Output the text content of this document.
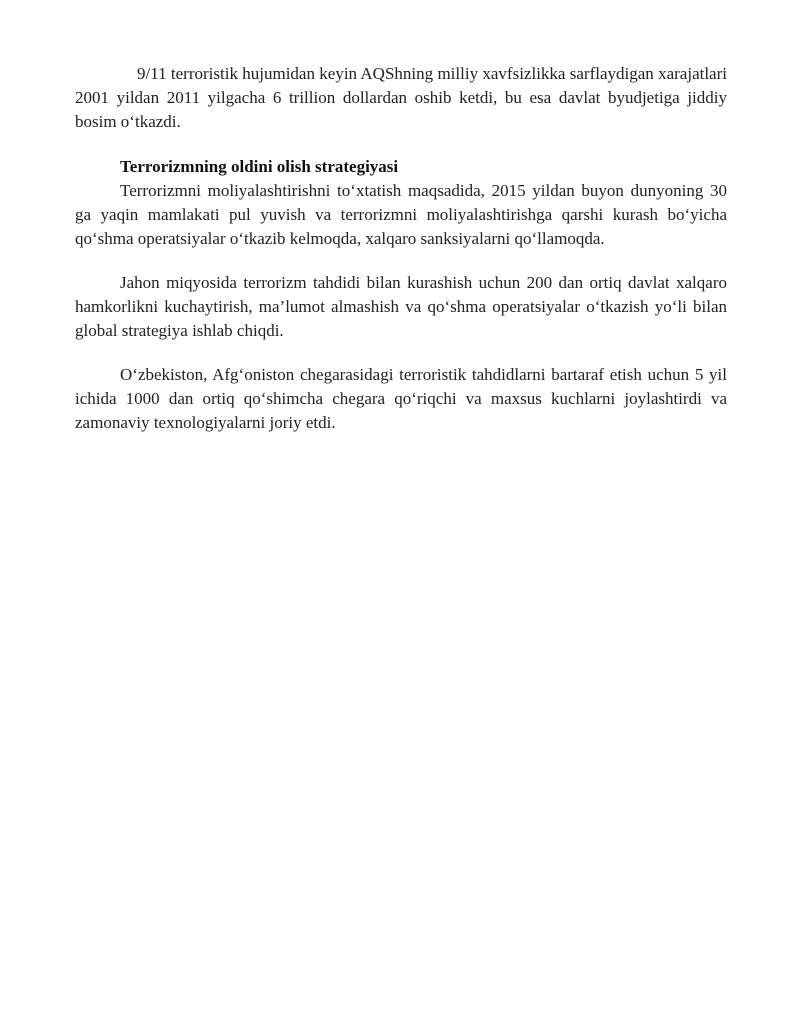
9/11 terroristik hujumidan keyin AQShning milliy xavfsizlikka sarflaydigan xarajatlari 2001 yildan 2011 yilgacha 6 trillion dollardan oshib ketdi, bu esa davlat byudjetiga jiddiy bosim o‘tkazdi.

Terrorizmning oldini olish strategiyasi

Terrorizmni moliyalashtirishni to‘xtatish maqsadida, 2015 yildan buyon dunyoning 30 ga yaqin mamlakati pul yuvish va terrorizmni moliyalashtirishga qarshi kurash bo‘yicha qo‘shma operatsiyalar o‘tkazib kelmoqda, xalqaro sanksiyalarni qo‘llamoqda.

Jahon miqyosida terrorizm tahdidi bilan kurashish uchun 200 dan ortiq davlat xalqaro hamkorlikni kuchaytirish, ma’lumot almashish va qo‘shma operatsiyalar o‘tkazish yo‘li bilan global strategiya ishlab chiqdi.

O‘zbekiston, Afg‘oniston chegarasidagi terroristik tahdidlarni bartaraf etish uchun 5 yil ichida 1000 dan ortiq qo‘shimcha chegara qo‘riqchi va maxsus kuchlarni joylashtirdi va zamonaviy texnologiyalarni joriy etdi.
